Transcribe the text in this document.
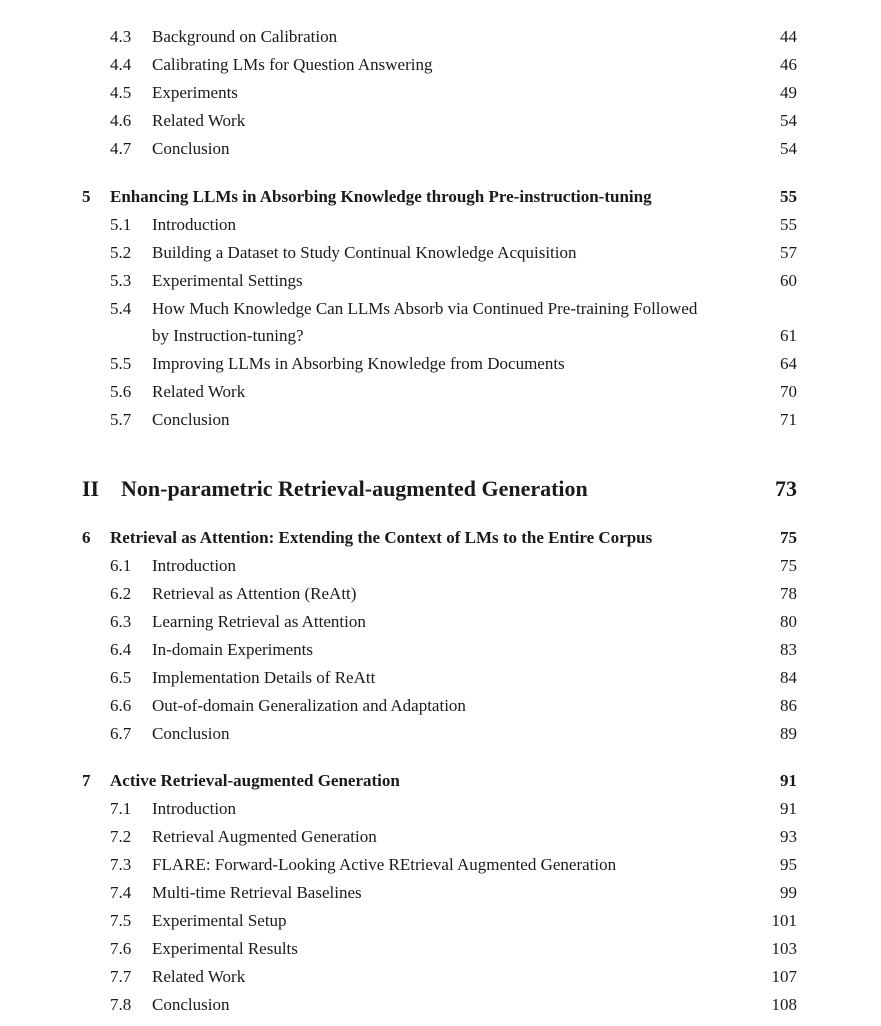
4.3 Background on Calibration	44
4.4 Calibrating LMs for Question Answering	46
4.5 Experiments	49
4.6 Related Work	54
4.7 Conclusion	54
5 Enhancing LLMs in Absorbing Knowledge through Pre-instruction-tuning	55
5.1 Introduction	55
5.2 Building a Dataset to Study Continual Knowledge Acquisition	57
5.3 Experimental Settings	60
5.4 How Much Knowledge Can LLMs Absorb via Continued Pre-training Followed
by Instruction-tuning?	61
5.5 Improving LLMs in Absorbing Knowledge from Documents	64
5.6 Related Work	70
5.7 Conclusion	71
II Non-parametric Retrieval-augmented Generation	73
6 Retrieval as Attention: Extending the Context of LMs to the Entire Corpus	75
6.1 Introduction	75
6.2 Retrieval as Attention (ReAtt)	78
6.3 Learning Retrieval as Attention	80
6.4 In-domain Experiments	83
6.5 Implementation Details of ReAtt	84
6.6 Out-of-domain Generalization and Adaptation	86
6.7 Conclusion	89
7 Active Retrieval-augmented Generation	91
7.1 Introduction	91
7.2 Retrieval Augmented Generation	93
7.3 FLARE: Forward-Looking Active REtrieval Augmented Generation	95
7.4 Multi-time Retrieval Baselines	99
7.5 Experimental Setup	101
7.6 Experimental Results	103
7.7 Related Work	107
7.8 Conclusion	108
